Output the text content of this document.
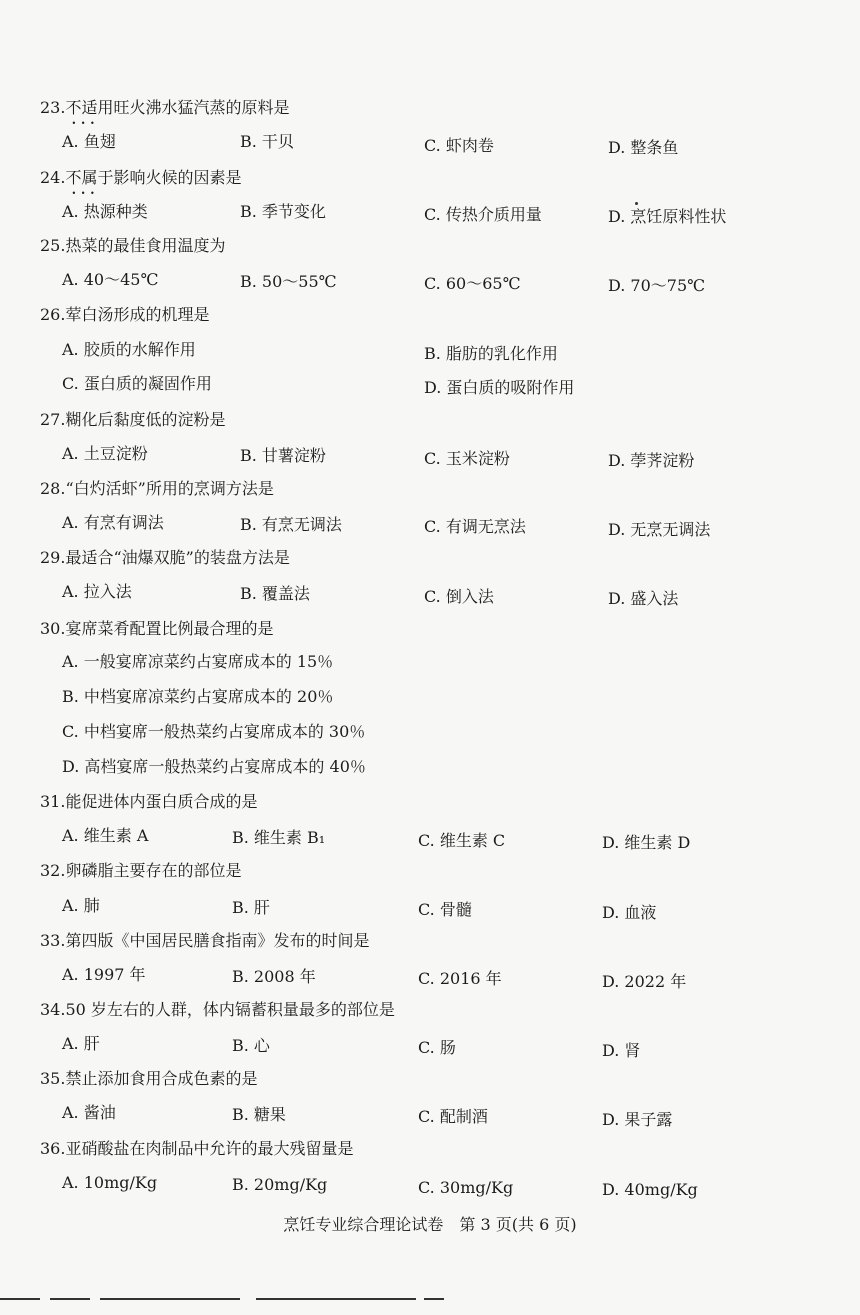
23.不适用 • • •旺火沸水猛汽蒸的原料是
A. 鱼翅	B. 干贝	C. 虾肉卷	D. 整条鱼
24.不属于 • • •影响火候的因素是
A. 热源种类	B. 季节变化	C. 传热介质用量	D. 烹饪原料性状
25.热菜的最佳食用温度为
A. 40～45℃	B. 50～55℃	C. 60～65℃	D. 70～75℃
26.荤白汤形成的机理是
A. 胶质的水解作用	B. 脂肪的乳化作用
C. 蛋白质的凝固作用	D. 蛋白质的吸附作用
27.糊化后黏度低的淀粉是
A. 土豆淀粉	B. 甘薯淀粉	C. 玉米淀粉	D. 荸荠淀粉
28.“白灼活虾”所用的烹调方法是
A. 有烹有调法	B. 有烹无调法	C. 有调无烹法	D. 无烹无调法
29.最适合“油爆双脆”的装盘方法是
A. 拉入法	B. 覆盖法	C. 倒入法	D. 盛入法
30.宴席菜肴配置比例最合理的是
A. 一般宴席凉菜约占宴席成本的 15％
B. 中档宴席凉菜约占宴席成本的 20％
C. 中档宴席一般热菜约占宴席成本的 30％
D. 高档宴席一般热菜约占宴席成本的 40％
31.能促进体内蛋白质合成的是
A. 维生素 A	B. 维生素 B₁	C. 维生素 C	D. 维生素 D
32.卵磷脂主要存在的部位是
A. 肺	B. 肝	C. 骨髓	D. 血液
33.第四版《中国居民膳食指南》发布的时间是
A. 1997 年	B. 2008 年	C. 2016 年	D. 2022 年
34.50 岁左右的人群，体内镉蓄积量最多的部位是
A. 肝	B. 心	C. 肠	D. 肾
35.禁止添加食用合成色素的是
A. 酱油	B. 糖果	C. 配制酒	D. 果子露
36.亚硝酸盐在肉制品中允许的最大残留量是
A. 10mg/Kg	B. 20mg/Kg	C. 30mg/Kg	D. 40mg/Kg
烹饪专业综合理论试卷　第 3 页(共 6 页)
